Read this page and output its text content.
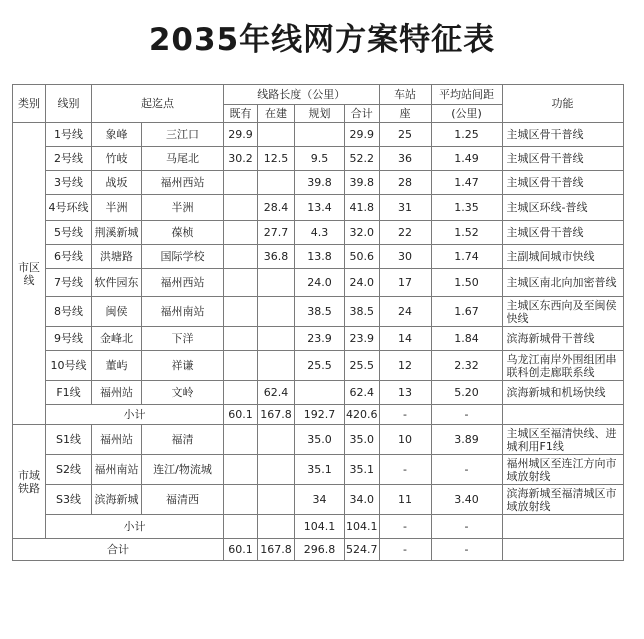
2035年线网方案特征表
类别	线别	起迄点		线路长度（公里）				车站	平均站间距	功能
				既有	在建	规划	合计	座	(公里)	
市区线	1号线	象峰	三江口	29.9			29.9	25	1.25	主城区骨干普线
	2号线	竹岐	马尾北	30.2	12.5	9.5	52.2	36	1.49	主城区骨干普线
	3号线	战坂	福州西站			39.8	39.8	28	1.47	主城区骨干普线
	4号环线	半洲	半洲		28.4	13.4	41.8	31	1.35	主城区环线-普线
	5号线	荆溪新城	葆桢		27.7	4.3	32.0	22	1.52	主城区骨干普线
	6号线	洪塘路	国际学校		36.8	13.8	50.6	30	1.74	主副城间城市快线
	7号线	软件园东	福州西站			24.0	24.0	17	1.50	主城区南北向加密普线
	8号线	闽侯	福州南站			38.5	38.5	24	1.67	主城区东西向及至闽侯快线
	9号线	金峰北	下洋			23.9	23.9	14	1.84	滨海新城骨干普线
	10号线	董屿	祥谦			25.5	25.5	12	2.32	乌龙江南岸外围组团串联科创走廊联系线
	F1线	福州站	文岭		62.4		62.4	13	5.20	滨海新城和机场快线
	小计			60.1	167.8	192.7	420.6	-	-	
市域铁路	S1线	福州站	福清			35.0	35.0	10	3.89	主城区至福清快线、进城利用F1线
	S2线	福州南站	连江/物流城			35.1	35.1	-	-	福州城区至连江方向市域放射线
	S3线	滨海新城	福清西			34	34.0	11	3.40	滨海新城至福清城区市域放射线
	小计					104.1	104.1	-	-	
合计				60.1	167.8	296.8	524.7	-	-	
